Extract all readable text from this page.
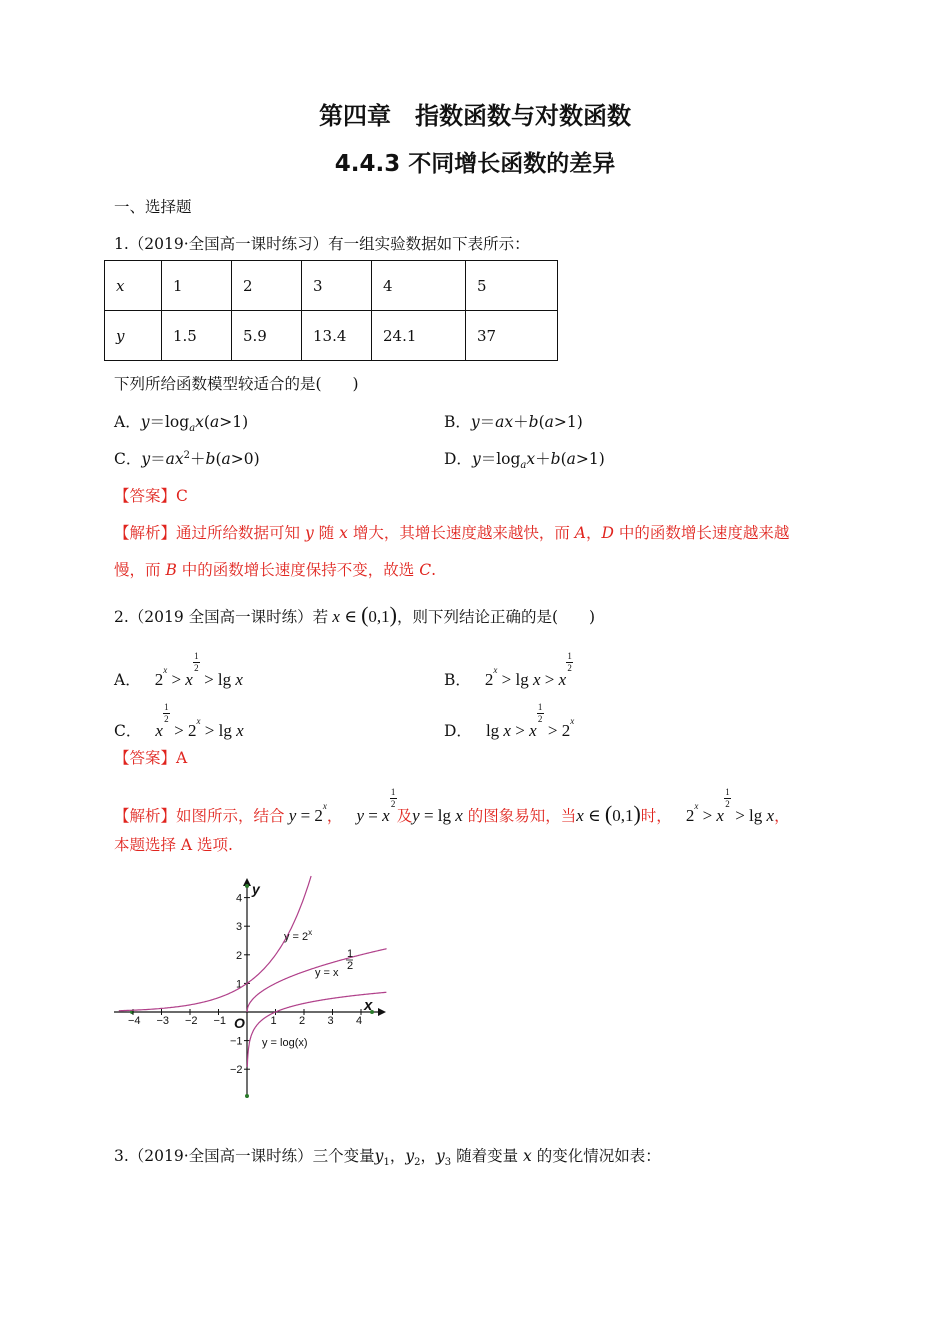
第四章　指数函数与对数函数
4.4.3 不同增长函数的差异
一、选择题
1.（2019·全国高一课时练习）有一组实验数据如下表所示：
x	1	2	3	4	5
y	1.5	5.9	13.4	24.1	37
下列所给函数模型较适合的是(　　)
A．$y=\log_ax(a>1)$	B．y＝ax＋b(a>1)
C．$y=ax^2+b(a>0)$	D．$y=\log_ax+b(a>1)$
【答案】C
【解析】通过所给数据可知 y 随 x 增大，其增长速度越来越快，而 A，D 中的函数增长速度越来越
慢，而 B 中的函数增长速度保持不变，故选 C.
2.（2019 全国高一课时练）若 x ∈ (0,1)，则下列结论正确的是(　　)
A． $2^x > x$
$\frac{1}{2}$
> lg x	B． $2^x > \lg x > x$
$\frac{1}{2}$
C． x
$\frac{1}{2}$
> $2^x > \lg x$	D． lg x > x
$\frac{1}{2}$
> $2^x$
【答案】A
【解析】如图所示，结合 $y = 2^x$， y = x
$\frac{1}{2}$
及y = lg x 的图象易知，当x ∈ (0,1)时， $2^x > x$
$\frac{1}{2}$
> lg x，
本题选择 A 选项.
−4 −3 −2 −1	1 2 3 4
4
3
2
1
−1
−2
y
x
O
$y = 2^x$
y = x
1
2
y = log(x)
3.（2019·全国高一课时练）三个变量$y_1$，$y_2$，$y_3$ 随着变量 x 的变化情况如表：
